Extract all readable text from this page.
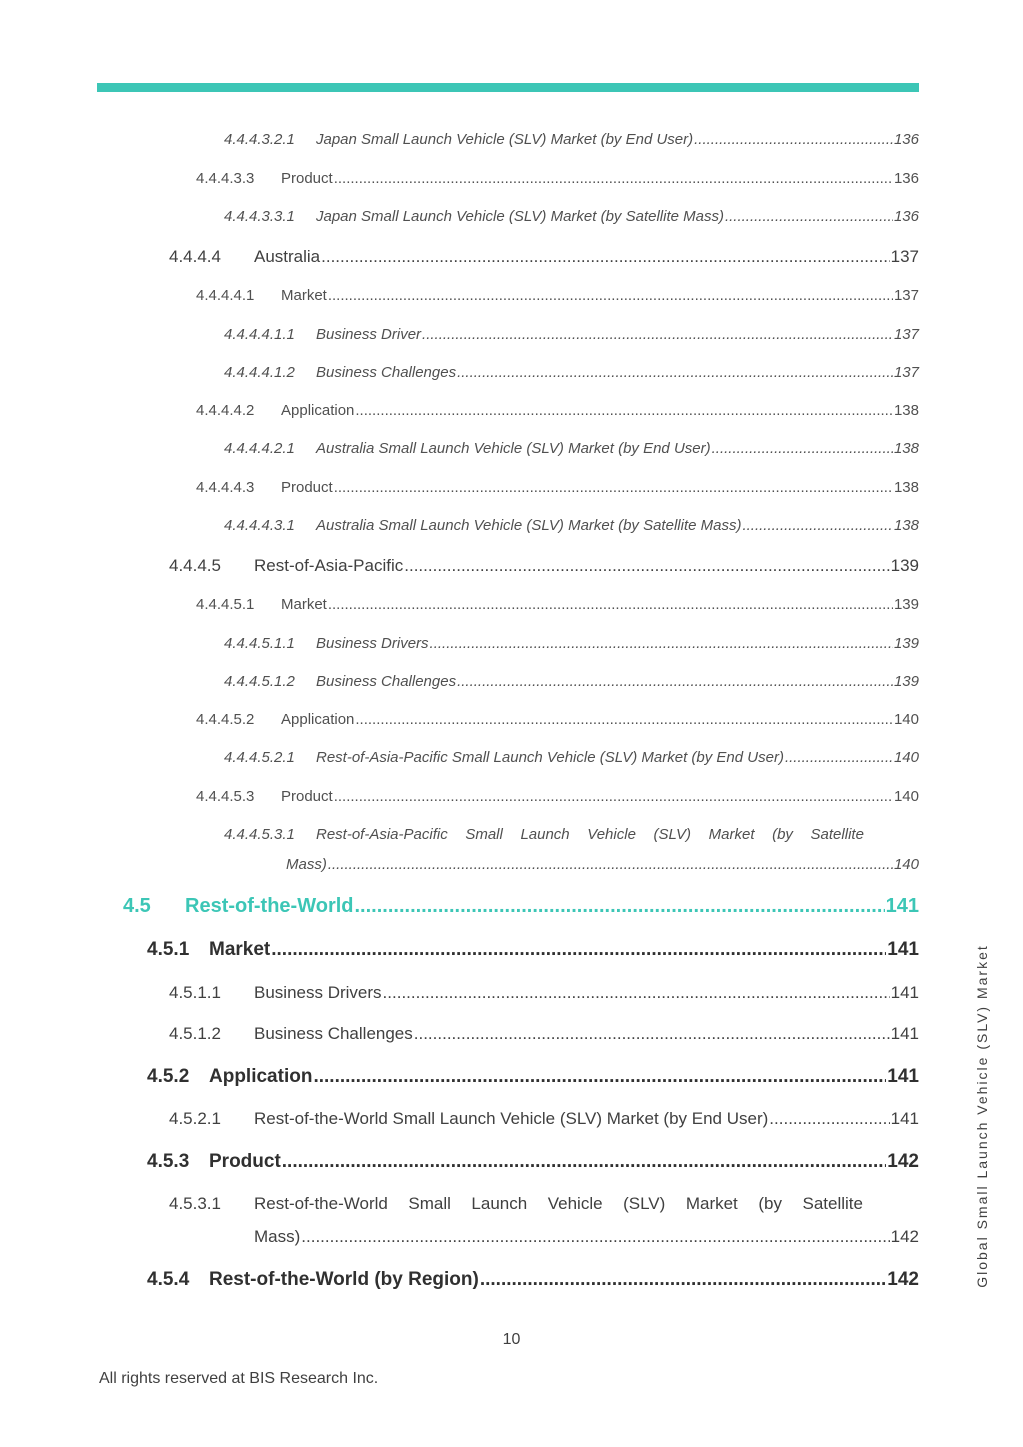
4.4.4.3.2.1	Japan Small Launch Vehicle (SLV) Market (by End User) .....	136
4.4.4.3.3	Product .....	136
4.4.4.3.3.1	Japan Small Launch Vehicle (SLV) Market (by Satellite Mass) .....	136
4.4.4.4	Australia .....	137
4.4.4.4.1	Market .....	137
4.4.4.4.1.1	Business Driver .....	137
4.4.4.4.1.2	Business Challenges .....	137
4.4.4.4.2	Application .....	138
4.4.4.4.2.1	Australia Small Launch Vehicle (SLV) Market (by End User) .....	138
4.4.4.4.3	Product .....	138
4.4.4.4.3.1	Australia Small Launch Vehicle (SLV) Market (by Satellite Mass) .....	138
4.4.4.5	Rest-of-Asia-Pacific .....	139
4.4.4.5.1	Market .....	139
4.4.4.5.1.1	Business Drivers .....	139
4.4.4.5.1.2	Business Challenges .....	139
4.4.4.5.2	Application .....	140
4.4.4.5.2.1	Rest-of-Asia-Pacific Small Launch Vehicle (SLV) Market (by End User) .....	140
4.4.4.5.3	Product .....	140
4.4.4.5.3.1	Rest-of-Asia-Pacific Small Launch Vehicle (SLV) Market (by Satellite
Mass) .....	140
4.5	Rest-of-the-World .....	141
4.5.1	Market .....	141
4.5.1.1	Business Drivers .....	141
4.5.1.2	Business Challenges .....	141
4.5.2	Application .....	141
4.5.2.1	Rest-of-the-World Small Launch Vehicle (SLV) Market (by End User) .....	141
4.5.3	Product .....	142
4.5.3.1	Rest-of-the-World Small Launch Vehicle (SLV) Market (by Satellite
Mass) .....	142
4.5.4	Rest-of-the-World (by Region) .....	142
10
All rights reserved at BIS Research Inc.
Global Small Launch Vehicle (SLV) Market
